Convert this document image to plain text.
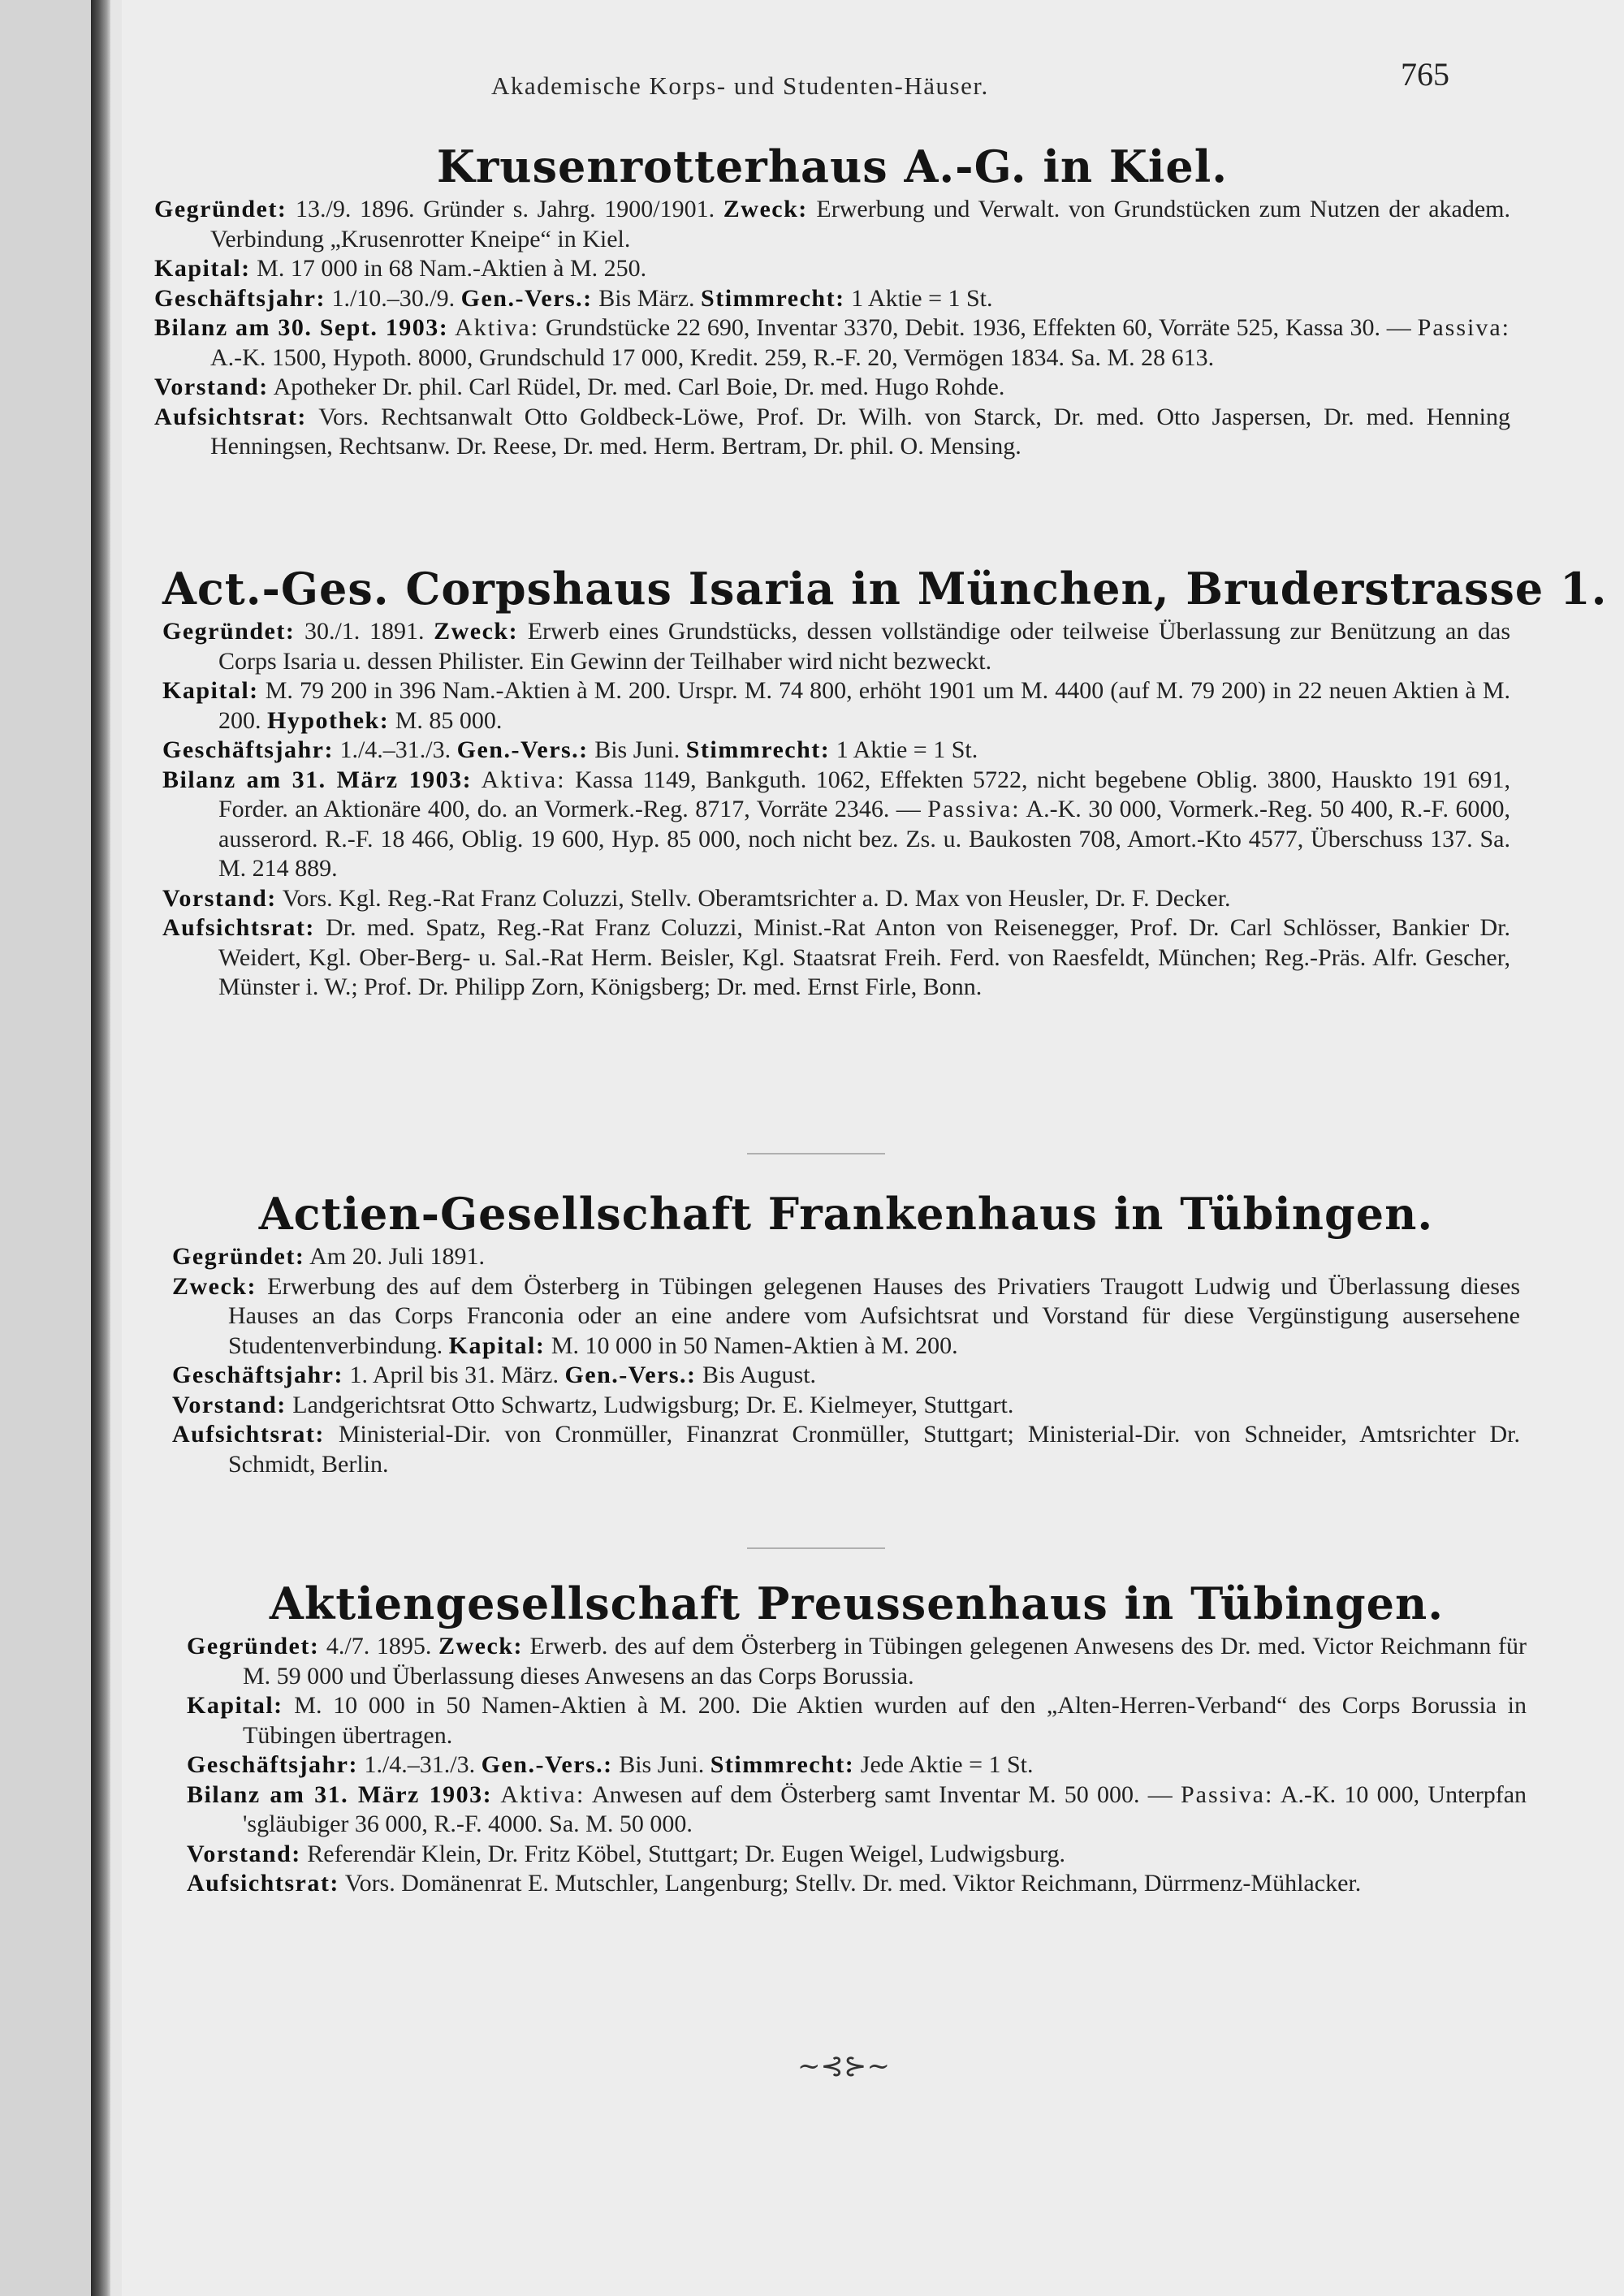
Akademische Korps- und Studenten-Häuser.	765
Krusenrotterhaus A.-G. in Kiel.

Gegründet: 13./9. 1896. Gründer s. Jahrg. 1900/1901. Zweck: Erwerbung und Verwalt. von Grundstücken zum Nutzen der akadem. Verbindung „Krusenrotter Kneipe“ in Kiel.

Kapital: M. 17 000 in 68 Nam.-Aktien à M. 250.

Geschäftsjahr: 1./10.–30./9. Gen.-Vers.: Bis März. Stimmrecht: 1 Aktie = 1 St.

Bilanz am 30. Sept. 1903: Aktiva: Grundstücke 22 690, Inventar 3370, Debit. 1936, Effekten 60, Vorräte 525, Kassa 30. — Passiva: A.-K. 1500, Hypoth. 8000, Grundschuld 17 000, Kredit. 259, R.-F. 20, Vermögen 1834. Sa. M. 28 613.

Vorstand: Apotheker Dr. phil. Carl Rüdel, Dr. med. Carl Boie, Dr. med. Hugo Rohde.

Aufsichtsrat: Vors. Rechtsanwalt Otto Goldbeck-Löwe, Prof. Dr. Wilh. von Starck, Dr. med. Otto Jaspersen, Dr. med. Henning Henningsen, Rechtsanw. Dr. Reese, Dr. med. Herm. Bertram, Dr. phil. O. Mensing.

Act.-Ges. Corpshaus Isaria in München, Bruderstrasse 1.

Gegründet: 30./1. 1891. Zweck: Erwerb eines Grundstücks, dessen vollständige oder teilweise Überlassung zur Benützung an das Corps Isaria u. dessen Philister. Ein Gewinn der Teilhaber wird nicht bezweckt.

Kapital: M. 79 200 in 396 Nam.-Aktien à M. 200. Urspr. M. 74 800, erhöht 1901 um M. 4400 (auf M. 79 200) in 22 neuen Aktien à M. 200. Hypothek: M. 85 000.

Geschäftsjahr: 1./4.–31./3. Gen.-Vers.: Bis Juni. Stimmrecht: 1 Aktie = 1 St.

Bilanz am 31. März 1903: Aktiva: Kassa 1149, Bankguth. 1062, Effekten 5722, nicht begebene Oblig. 3800, Hauskto 191 691, Forder. an Aktionäre 400, do. an Vormerk.-Reg. 8717, Vorräte 2346. — Passiva: A.-K. 30 000, Vormerk.-Reg. 50 400, R.-F. 6000, ausserord. R.-F. 18 466, Oblig. 19 600, Hyp. 85 000, noch nicht bez. Zs. u. Baukosten 708, Amort.-Kto 4577, Überschuss 137. Sa. M. 214 889.

Vorstand: Vors. Kgl. Reg.-Rat Franz Coluzzi, Stellv. Oberamtsrichter a. D. Max von Heusler, Dr. F. Decker.

Aufsichtsrat: Dr. med. Spatz, Reg.-Rat Franz Coluzzi, Minist.-Rat Anton von Reisenegger, Prof. Dr. Carl Schlösser, Bankier Dr. Weidert, Kgl. Ober-Berg- u. Sal.-Rat Herm. Beisler, Kgl. Staatsrat Freih. Ferd. von Raesfeldt, München; Reg.-Präs. Alfr. Gescher, Münster i. W.; Prof. Dr. Philipp Zorn, Königsberg; Dr. med. Ernst Firle, Bonn.

Actien-Gesellschaft Frankenhaus in Tübingen.

Gegründet: Am 20. Juli 1891.

Zweck: Erwerbung des auf dem Österberg in Tübingen gelegenen Hauses des Privatiers Traugott Ludwig und Überlassung dieses Hauses an das Corps Franconia oder an eine andere vom Aufsichtsrat und Vorstand für diese Vergünstigung ausersehene Studentenverbindung. Kapital: M. 10 000 in 50 Namen-Aktien à M. 200.

Geschäftsjahr: 1. April bis 31. März. Gen.-Vers.: Bis August.

Vorstand: Landgerichtsrat Otto Schwartz, Ludwigsburg; Dr. E. Kielmeyer, Stuttgart.

Aufsichtsrat: Ministerial-Dir. von Cronmüller, Finanzrat Cronmüller, Stuttgart; Ministerial-Dir. von Schneider, Amtsrichter Dr. Schmidt, Berlin.

Aktiengesellschaft Preussenhaus in Tübingen.

Gegründet: 4./7. 1895. Zweck: Erwerb. des auf dem Österberg in Tübingen gelegenen Anwesens des Dr. med. Victor Reichmann für M. 59 000 und Überlassung dieses Anwesens an das Corps Borussia.

Kapital: M. 10 000 in 50 Namen-Aktien à M. 200. Die Aktien wurden auf den „Alten-Herren-Verband“ des Corps Borussia in Tübingen übertragen.

Geschäftsjahr: 1./4.–31./3. Gen.-Vers.: Bis Juni. Stimmrecht: Jede Aktie = 1 St.

Bilanz am 31. März 1903: Aktiva: Anwesen auf dem Österberg samt Inventar M. 50 000. — Passiva: A.-K. 10 000, Unterpfan 'sgläubiger 36 000, R.-F. 4000. Sa. M. 50 000.

Vorstand: Referendär Klein, Dr. Fritz Köbel, Stuttgart; Dr. Eugen Weigel, Ludwigsburg.

Aufsichtsrat: Vors. Domänenrat E. Mutschler, Langenburg; Stellv. Dr. med. Viktor Reichmann, Dürrmenz-Mühlacker.

~⊰⊱~
